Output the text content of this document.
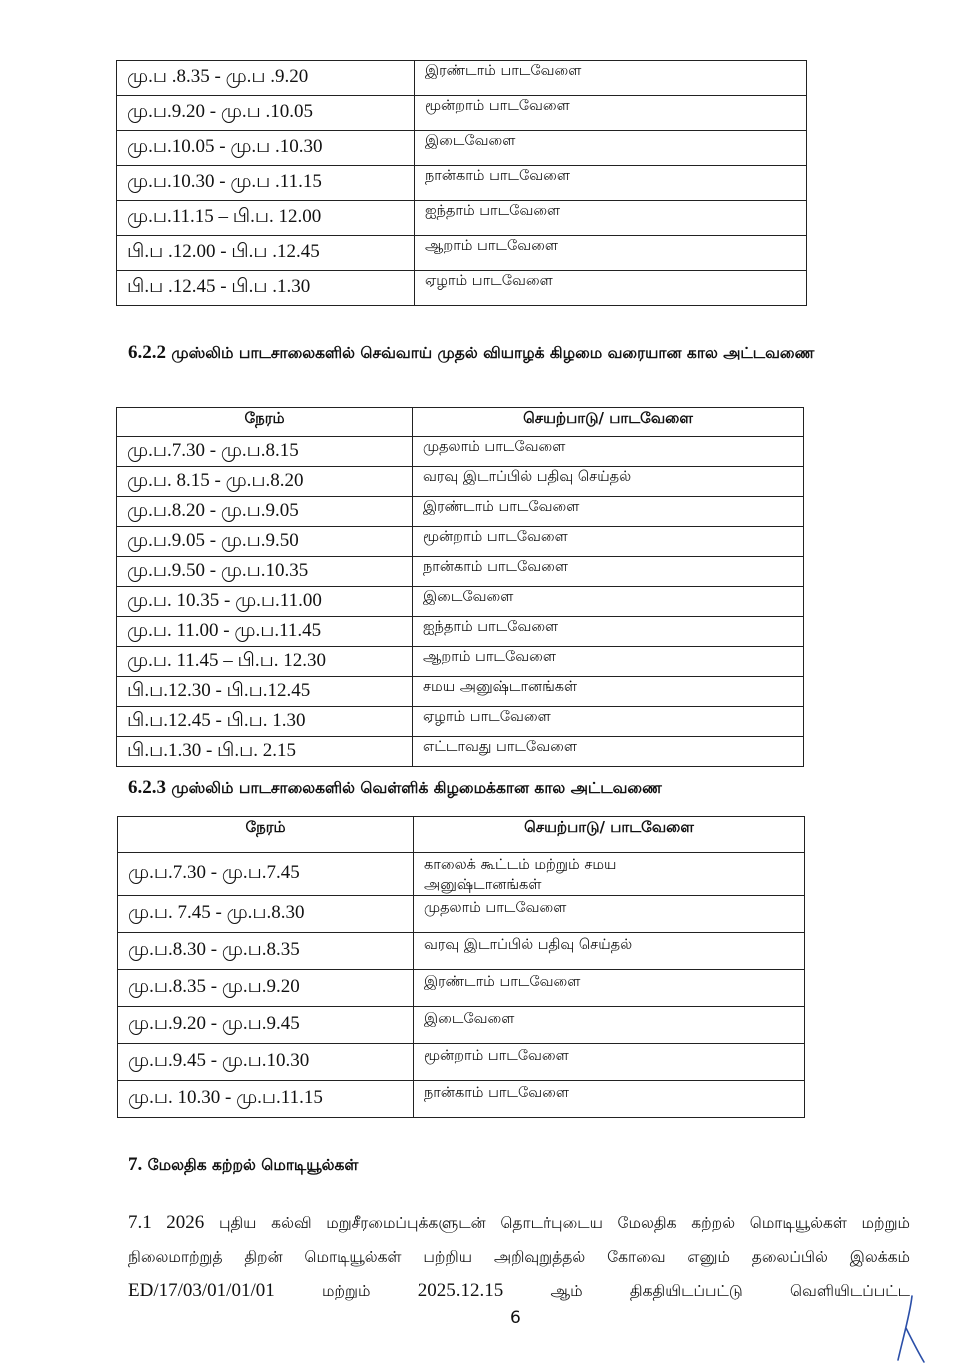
மு.ப .8.35 - மு.ப .9.20	இரண்டாம் பாடவேளை
மு.ப.9.20 - மு.ப .10.05	மூன்றாம் பாடவேளை
மு.ப.10.05 - மு.ப .10.30	இடைவேளை
மு.ப.10.30 - மு.ப .11.15	நான்காம் பாடவேளை
மு.ப.11.15 – பி.ப. 12.00	ஐந்தாம் பாடவேளை
பி.ப .12.00 - பி.ப .12.45	ஆறாம் பாடவேளை
பி.ப .12.45 - பி.ப .1.30	ஏழாம் பாடவேளை
6.2.2 முஸ்லிம் பாடசாலைகளில் செவ்வாய் முதல் வியாழக் கிழமை வரையான கால அட்டவணை
நேரம்	செயற்பாடு/ பாடவேளை
மு.ப.7.30 - மு.ப.8.15	முதலாம் பாடவேளை
மு.ப. 8.15 - மு.ப.8.20	வரவு இடாப்பில் பதிவு செய்தல்
மு.ப.8.20 - மு.ப.9.05	இரண்டாம் பாடவேளை
மு.ப.9.05 - மு.ப.9.50	மூன்றாம் பாடவேளை
மு.ப.9.50 - மு.ப.10.35	நான்காம் பாடவேளை
மு.ப. 10.35 - மு.ப.11.00	இடைவேளை
மு.ப. 11.00 - மு.ப.11.45	ஐந்தாம் பாடவேளை
மு.ப. 11.45 – பி.ப. 12.30	ஆறாம் பாடவேளை
பி.ப.12.30 - பி.ப.12.45	சமய அனுஷ்டானங்கள்
பி.ப.12.45 - பி.ப. 1.30	ஏழாம் பாடவேளை
பி.ப.1.30 - பி.ப. 2.15	எட்டாவது பாடவேளை
6.2.3 முஸ்லிம் பாடசாலைகளில் வெள்ளிக் கிழமைக்கான கால அட்டவணை
நேரம்	செயற்பாடு/ பாடவேளை
மு.ப.7.30 - மு.ப.7.45	காலைக் கூட்டம் மற்றும் சமய
அனுஷ்டானங்கள்
மு.ப. 7.45 - மு.ப.8.30	முதலாம் பாடவேளை
மு.ப.8.30 - மு.ப.8.35	வரவு இடாப்பில் பதிவு செய்தல்
மு.ப.8.35 - மு.ப.9.20	இரண்டாம் பாடவேளை
மு.ப.9.20 - மு.ப.9.45	இடைவேளை
மு.ப.9.45 - மு.ப.10.30	மூன்றாம் பாடவேளை
மு.ப. 10.30 - மு.ப.11.15	நான்காம் பாடவேளை
7. மேலதிக கற்றல் மொடியூல்கள்
7.1 2026 புதிய கல்வி மறுசீரமைப்புக்களுடன் தொடர்புடைய மேலதிக கற்றல் மொடியூல்கள் மற்றும் நிலைமாற்றுத் திறன் மொடியூல்கள் பற்றிய அறிவுறுத்தல் கோவை எனும் தலைப்பில் இலக்கம் ED/17/03/01/01/01	மற்றும் 2025.12.15	ஆம் திகதியிடப்பட்டு வெளியிடப்பட்ட
6
